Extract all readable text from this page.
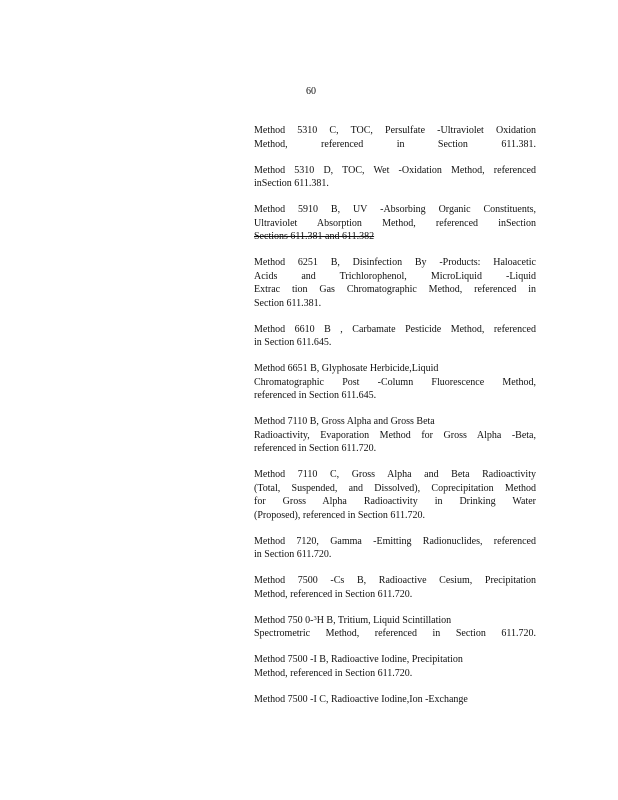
60
Method 5310 C, TOC, Persulfate -Ultraviolet Oxidation
Method, referenced in Section 611.381.
Method 5310 D, TOC, Wet -Oxidation Method, referenced
inSection 611.381.
Method 5910 B, UV -Absorbing Organic Constituents,
Ultraviolet Absorption Method, referenced inSection
Sections 611.381 and 611.382
Method 6251 B, Disinfection By -Products: Haloacetic
Acids and Trichlorophenol, MicroLiquid -Liquid
Extrac tion Gas Chromatographic Method, referenced in
Section 611.381.
Method 6610 B , Carbamate Pesticide Method, referenced
in Section 611.645.
Method 6651 B, Glyphosate Herbicide,Liquid
Chromatographic Post -Column Fluorescence Method,
referenced in Section 611.645.
Method 7110 B, Gross Alpha and Gross Beta
Radioactivity, Evaporation Method for Gross Alpha -Beta,
referenced in Section 611.720.
Method 7110 C, Gross Alpha and Beta Radioactivity
(Total, Suspended, and Dissolved), Coprecipitation Method
for Gross Alpha Radioactivity in Drinking Water
(Proposed), referenced in Section 611.720.
Method 7120, Gamma -Emitting Radionuclides, referenced
in Section 611.720.
Method 7500 -Cs B, Radioactive Cesium, Precipitation
Method, referenced in Section 611.720.
Method 750 0-$^3$H B, Tritium, Liquid Scintillation
Spectrometric Method, referenced in Section 611.720.
Method 7500 -I B, Radioactive Iodine, Precipitation
Method, referenced in Section 611.720.
Method 7500 -I C, Radioactive Iodine,Ion -Exchange
